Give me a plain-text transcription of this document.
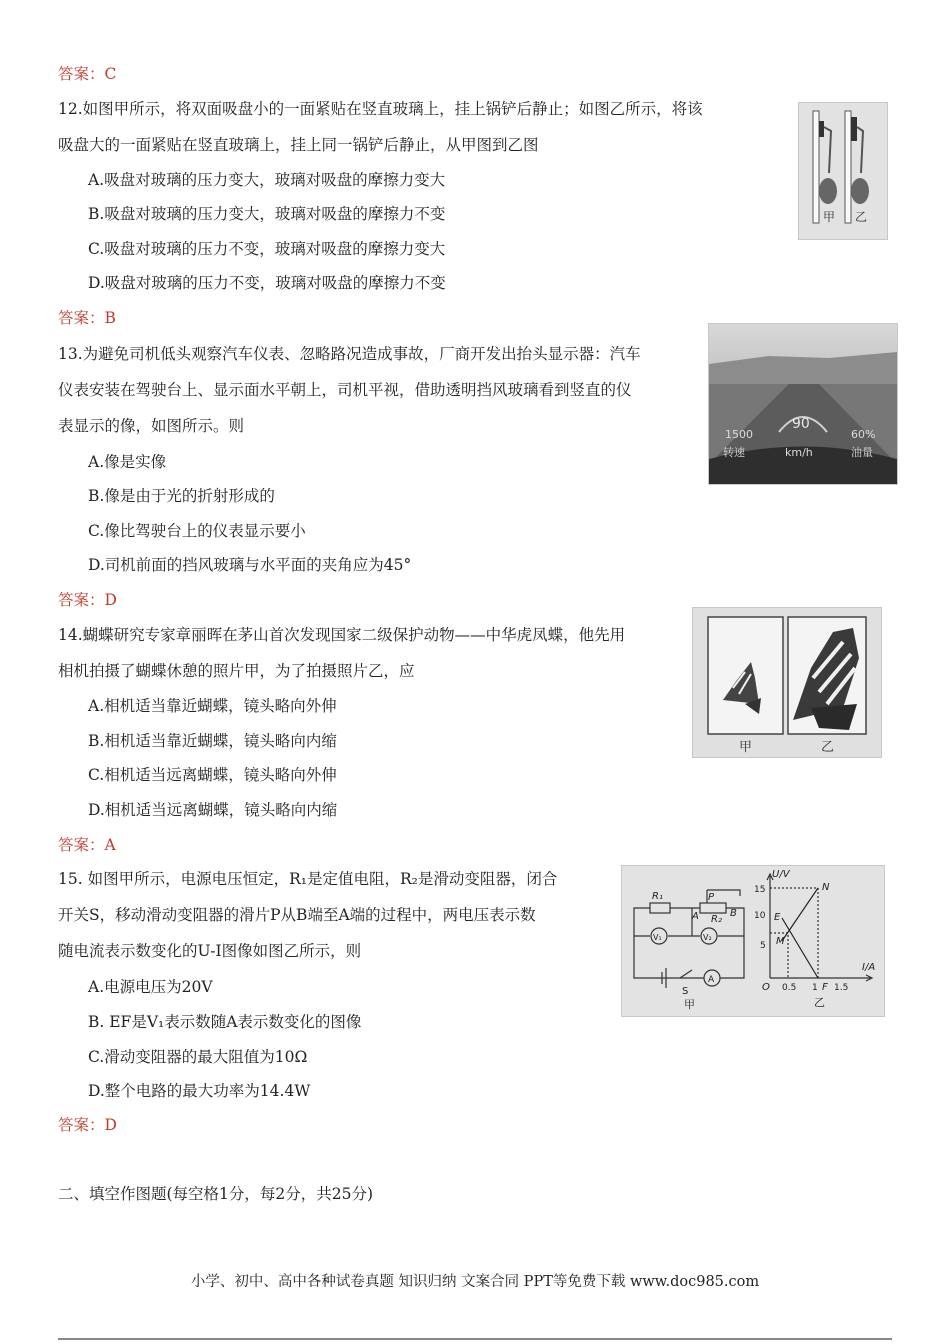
答案：C
12.如图甲所示，将双面吸盘小的一面紧贴在竖直玻璃上，挂上锅铲后静止；如图乙所示，将该
吸盘大的一面紧贴在竖直玻璃上，挂上同一锅铲后静止，从甲图到乙图
A.吸盘对玻璃的压力变大，玻璃对吸盘的摩擦力变大
B.吸盘对玻璃的压力变大，玻璃对吸盘的摩擦力不变
C.吸盘对玻璃的压力不变，玻璃对吸盘的摩擦力变大
D.吸盘对玻璃的压力不变，玻璃对吸盘的摩擦力不变
答案：B
甲 乙
13.为避免司机低头观察汽车仪表、忽略路况造成事故，厂商开发出抬头显示器：汽车
仪表安装在驾驶台上、显示面水平朝上，司机平视，借助透明挡风玻璃看到竖直的仪
表显示的像，如图所示。则
A.像是实像
B.像是由于光的折射形成的
C.像比驾驶台上的仪表显示要小
D.司机前面的挡风玻璃与水平面的夹角应为45°
答案：D
90
1500	60%
转速	km/h	油量
14.蝴蝶研究专家章丽晖在茅山首次发现国家二级保护动物——中华虎凤蝶，他先用
相机拍摄了蝴蝶休憩的照片甲，为了拍摄照片乙，应
A.相机适当靠近蝴蝶，镜头略向外伸
B.相机适当靠近蝴蝶，镜头略向内缩
C.相机适当远离蝴蝶，镜头略向外伸
D.相机适当远离蝴蝶，镜头略向内缩
答案：A
甲	乙
15. 如图甲所示，电源电压恒定，R₁是定值电阻，R₂是滑动变阻器，闭合
开关S，移动滑动变阻器的滑片P从B端至A端的过程中，两电压表示数
随电流表示数变化的U-I图像如图乙所示，则
A.电源电压为20V
B. EF是V₁表示数随A表示数变化的图像
C.滑动变阻器的最大阻值为10Ω
D.整个电路的最大功率为14.4W
答案：D
R₁	P
R₂
A	B
V₁	V₂
A
S
甲
U/V
I/A
15
10
5
0.5 1 1.5
O
N
E
M
F
乙
二、填空作图题(每空格1分，每2分，共25分)
小学、初中、高中各种试卷真题 知识归纳 文案合同 PPT等免费下载 www.doc985.com
